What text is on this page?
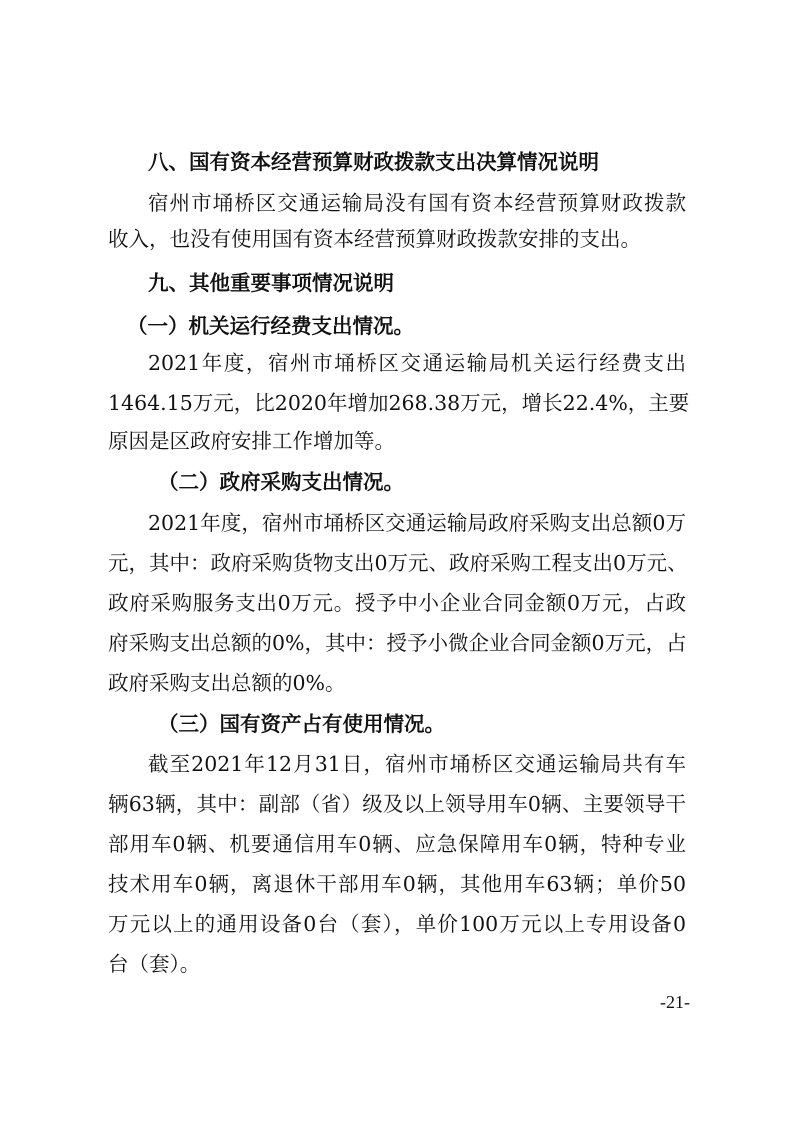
八、国有资本经营预算财政拨款支出决算情况说明
宿州市埇桥区交通运输局没有国有资本经营预算财政拨款
收入，也没有使用国有资本经营预算财政拨款安排的支出。
九、其他重要事项情况说明
（一）机关运行经费支出情况。
2021年度，宿州市埇桥区交通运输局机关运行经费支出
1464.15万元，比2020年增加268.38万元，增长22.4%，主要
原因是区政府安排工作增加等。
（二）政府采购支出情况。
2021年度，宿州市埇桥区交通运输局政府采购支出总额0万
元，其中：政府采购货物支出0万元、政府采购工程支出0万元、
政府采购服务支出0万元。授予中小企业合同金额0万元，占政
府采购支出总额的0%，其中：授予小微企业合同金额0万元，占
政府采购支出总额的0%。
（三）国有资产占有使用情况。
截至2021年12月31日，宿州市埇桥区交通运输局共有车
辆63辆，其中：副部（省）级及以上领导用车0辆、主要领导干
部用车0辆、机要通信用车0辆、应急保障用车0辆，特种专业
技术用车0辆，离退休干部用车0辆，其他用车63辆；单价50
万元以上的通用设备0台（套），单价100万元以上专用设备0
台（套）。
-21-
